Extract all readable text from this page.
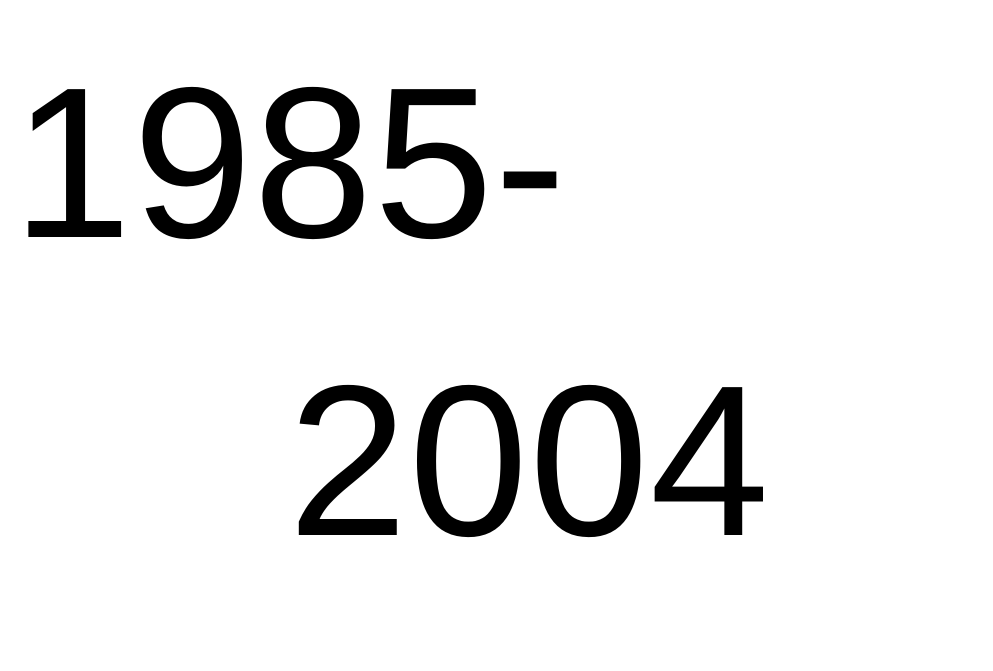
1985-
2004
